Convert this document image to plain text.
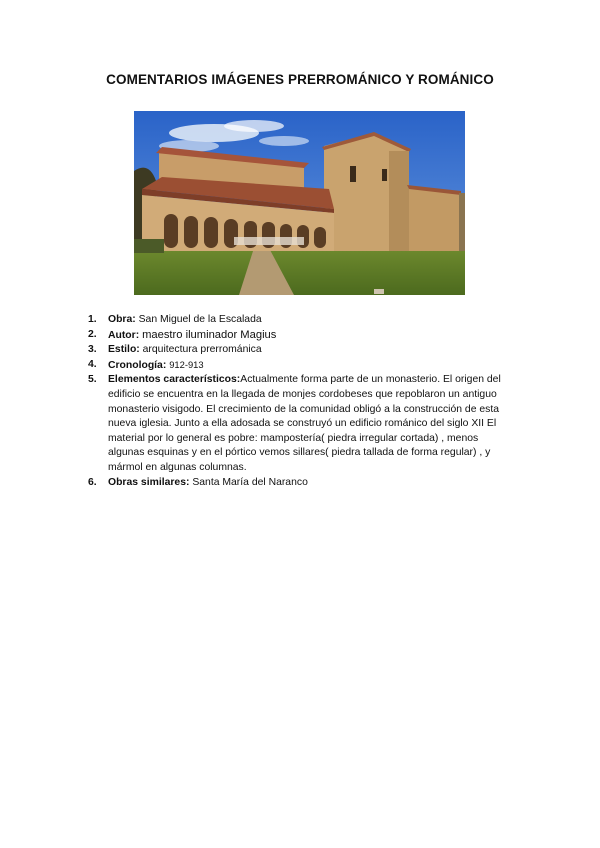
COMENTARIOS IMÁGENES PRERROMÁNICO Y ROMÁNICO
1.	Obra: San Miguel de la Escalada
2.	Autor: maestro iluminador Magius
3.	Estilo: arquitectura prerrománica
4.	Cronología: 912-913
5.	Elementos característicos:Actualmente forma parte de un monasterio. El origen del edificio se encuentra en la llegada de monjes cordobeses que repoblaron un antiguo monasterio visigodo. El crecimiento de la comunidad obligó a la construcción de esta nueva iglesia. Junto a ella adosada se construyó un edificio románico del siglo XII El material por lo general es pobre: mampostería( piedra irregular cortada) , menos algunas esquinas y en el pórtico vemos sillares( piedra tallada de forma regular) , y mármol en algunas columnas.
6.	Obras similares: Santa María del Naranco
